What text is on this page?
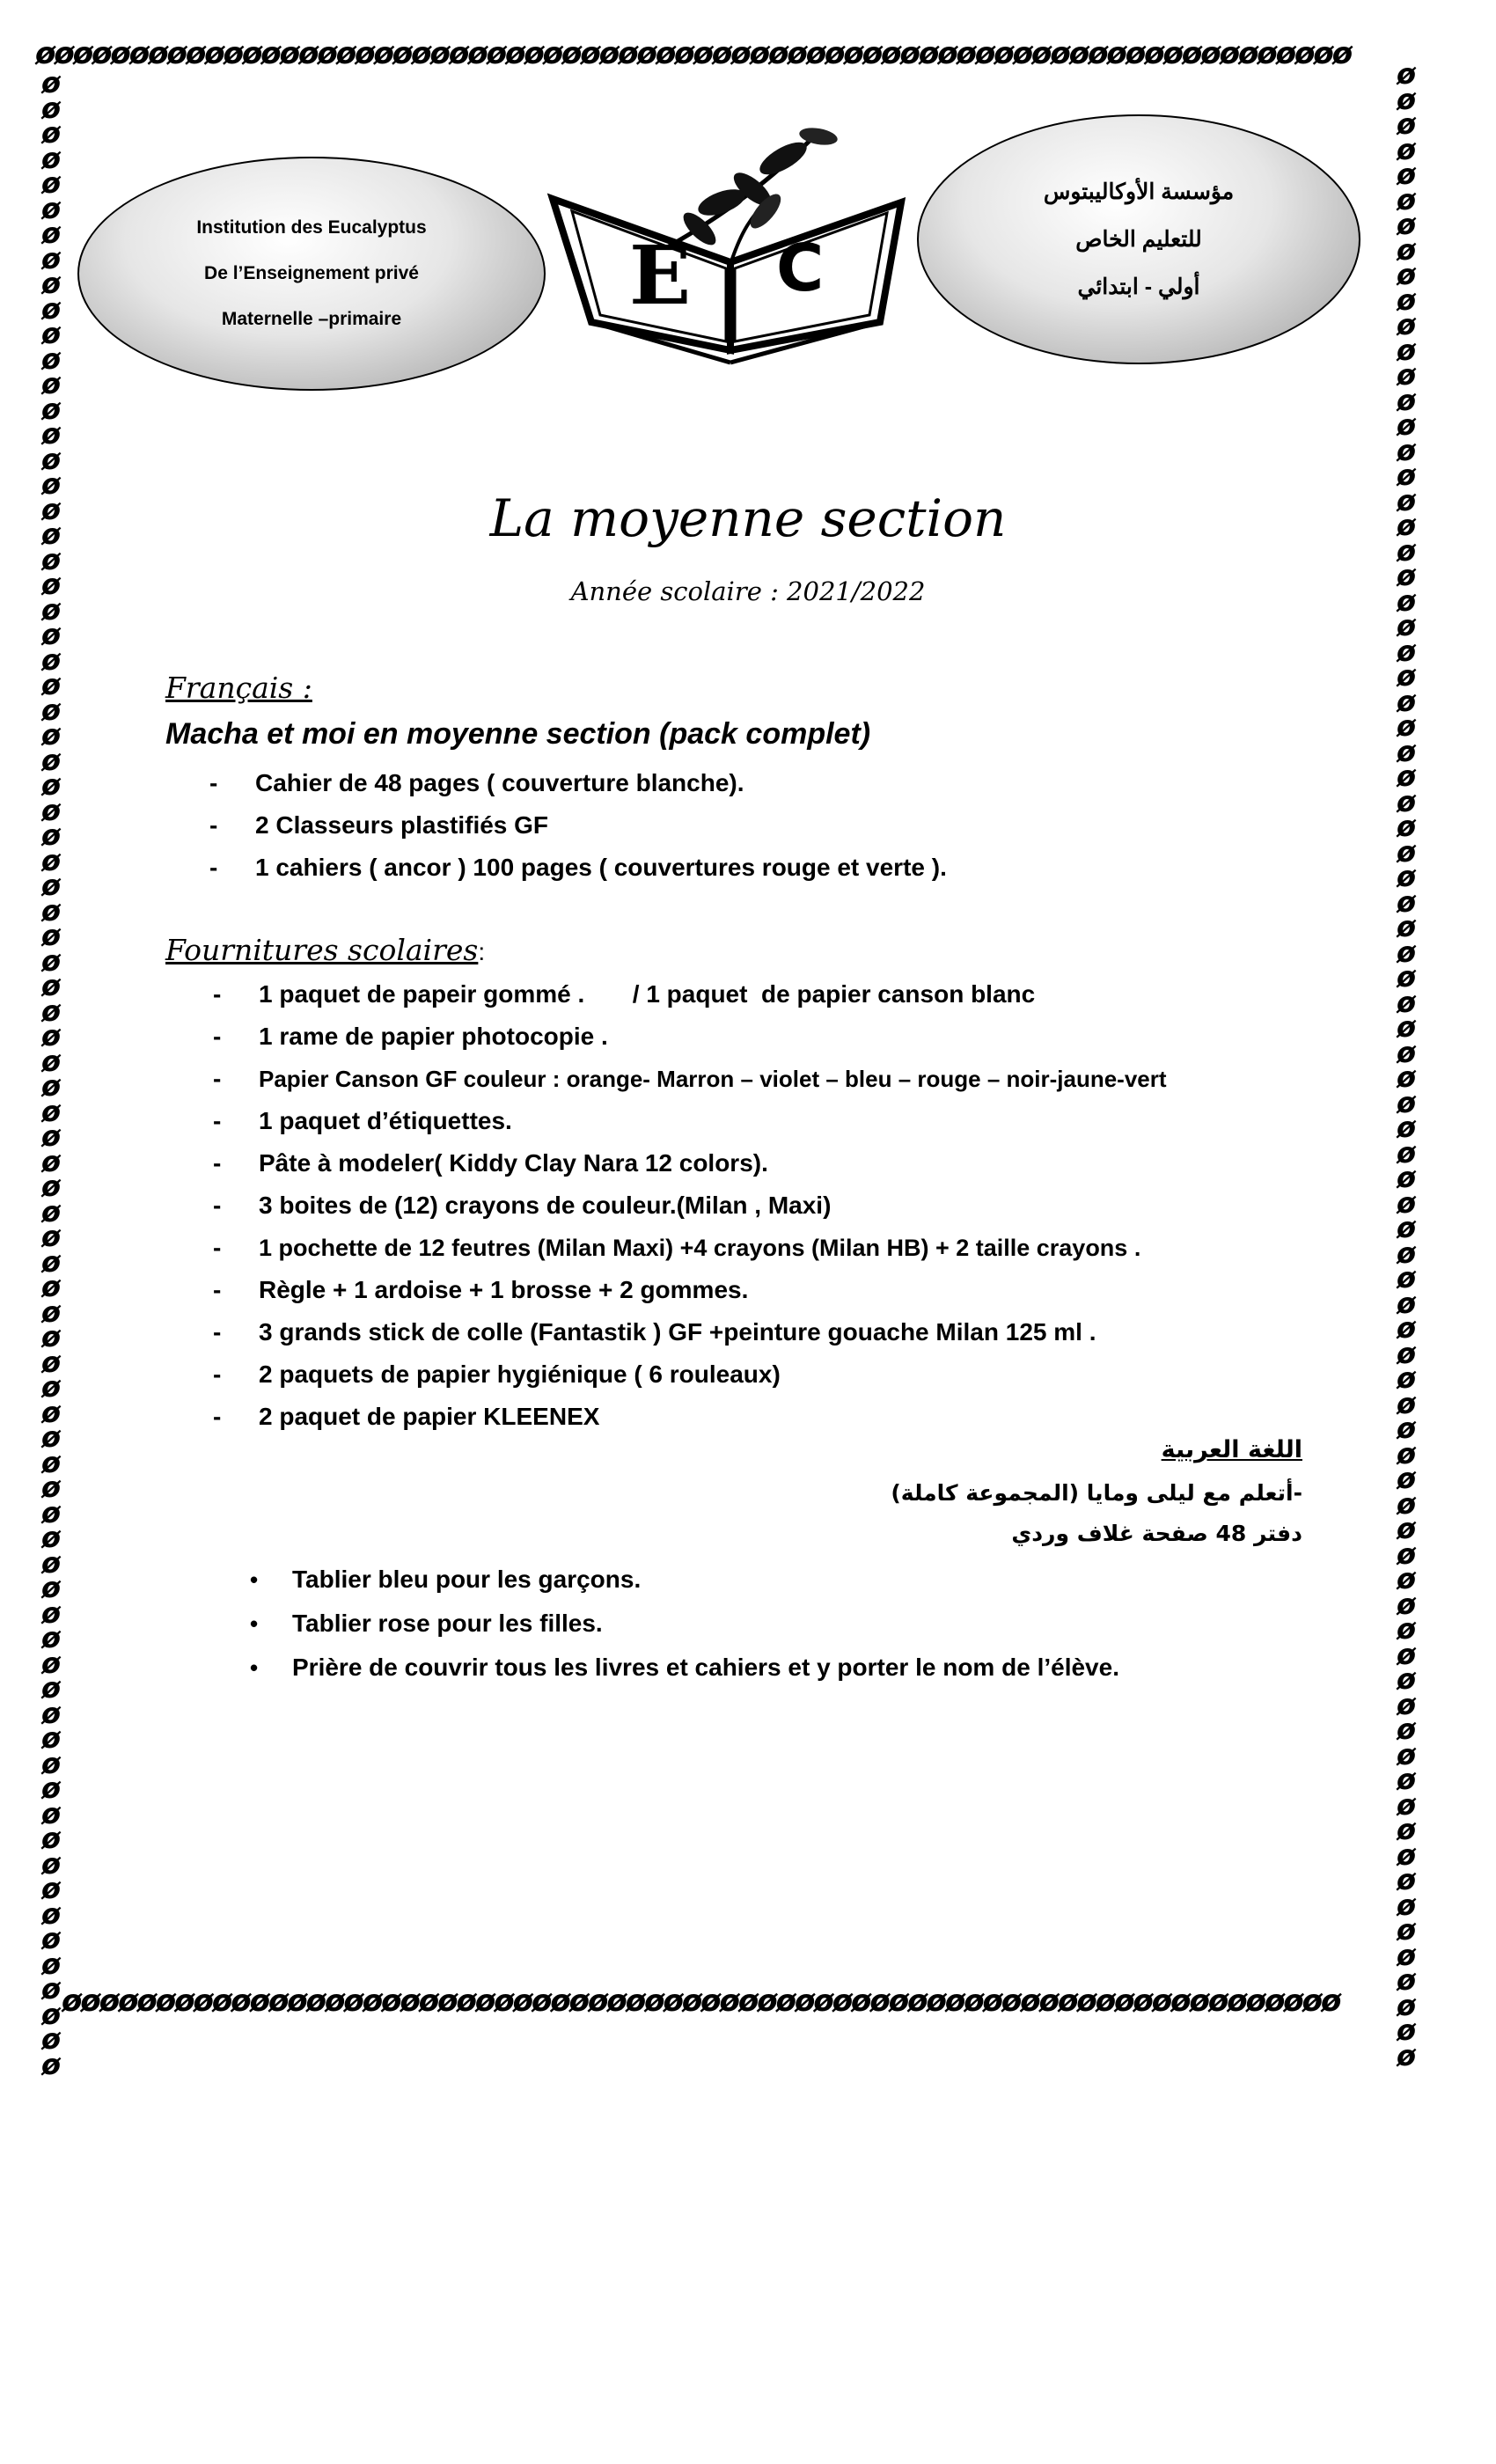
øøøøøøøøøøøøøøøøøøøøøøøøøøøøøøøøøøøøøøøøøøøøøøøøøøøøøøøøøøøøøøøøøøøøøø
øøøøøøøøøøøøøøøøøøøøøøøøøøøøøøøøøøøøøøøøøøøøøøøøøøøøøøøøøøøøøøøøøøøø
ø
ø
ø
ø
ø
ø
ø
ø
ø
ø
ø
ø
ø
ø
ø
ø
ø
ø
ø
ø
ø
ø
ø
ø
ø
ø
ø
ø
ø
ø
ø
ø
ø
ø
ø
ø
ø
ø
ø
ø
ø
ø
ø
ø
ø
ø
ø
ø
ø
ø
ø
ø
ø
ø
ø
ø
ø
ø
ø
ø
ø
ø
ø
ø
ø
ø
ø
ø
ø
ø
ø
ø
ø
ø
ø
ø
ø
ø
ø
ø
ø
ø
ø
ø
ø
ø
ø
ø
ø
ø
ø
ø
ø
ø
ø
ø
ø
ø
ø
ø
ø
ø
ø
ø
ø
ø
ø
ø
ø
ø
ø
ø
ø
ø
ø
ø
ø
ø
ø
ø
ø
ø
ø
ø
ø
ø
ø
ø
ø
ø
ø
ø
ø
ø
ø
ø
ø
ø
ø
ø
ø
ø
ø
ø
ø
ø
ø
ø
ø
ø
ø
ø
ø
ø
ø
ø
ø
ø
ø
ø
Institution des Eucalyptus
De l’Enseignement privé
Maternelle –primaire	E C
مؤسسة الأوكاليبتوس
للتعليم الخاص
أولي - ابتدائي
La moyenne section
Année scolaire : 2021/2022
Français :
Macha et moi en moyenne section (pack complet)
- Cahier de 48 pages ( couverture blanche).
- 2 Classeurs plastifiés GF
- 1 cahiers ( ancor ) 100 pages ( couvertures rouge et verte ).
Fournitures scolaires:
- 1 paquet de papeir gommé .       / 1 paquet  de papier canson blanc
- 1 rame de papier photocopie .
- Papier Canson GF couleur : orange- Marron – violet – bleu – rouge – noir-jaune-vert
- 1 paquet d’étiquettes.
- Pâte à modeler( Kiddy Clay Nara 12 colors).
- 3 boites de (12) crayons de couleur.(Milan , Maxi)
- 1 pochette de 12 feutres (Milan Maxi) +4 crayons (Milan HB) + 2 taille crayons .
- Règle + 1 ardoise + 1 brosse + 2 gommes.
- 3 grands stick de colle (Fantastik ) GF +peinture gouache Milan 125 ml .
- 2 paquets de papier hygiénique ( 6 rouleaux)
- 2 paquet de papier KLEENEX
اللغة العربية
-أتعلم مع ليلى ومايا (المجموعة كاملة)
دفتر 48 صفحة غلاف وردي
• Tablier bleu pour les garçons.
• Tablier rose pour les filles.
• Prière de couvrir tous les livres et cahiers et y porter le nom de l’élève.
